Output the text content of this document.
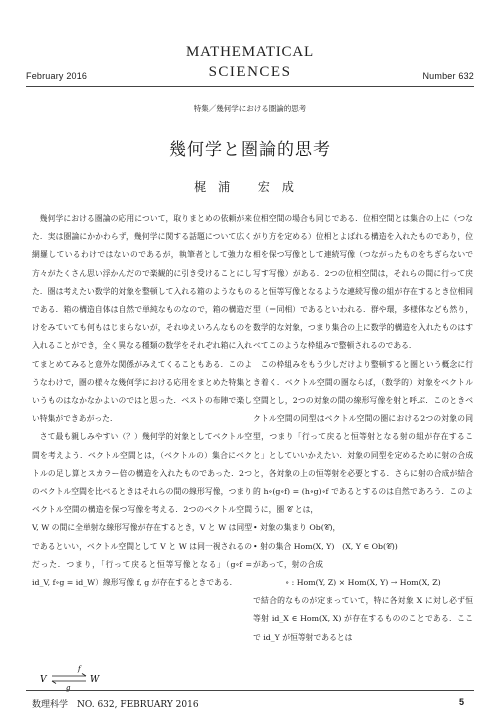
February 2016
MATHEMATICAL
SCIENCES	Number 632
特集／幾何学における圏論的思考
幾何学と圏論的思考
梶浦 宏成

幾何学における圏論の応用について，取りまとめの依頼が来た．実は圏論にかかわらず，幾何学に関する話題について広く網羅しているわけではないのであるが，執筆者として強力な方々がたくさん思い浮かんだので楽観的に引き受けることにした．圏は考えたい数学的対象を整頓して入れる箱のようなものである．箱の構造自体は自然で単純なものなので，箱の構造だけをみていても何もはじまらないが，それゆえいろんなものを入れることができ，全く異なる種類の数学をそれぞれ箱に入れてまとめてみると意外な関係がみえてくることもある．このようなわけで，圏の様々な幾何学における応用をまとめた特集というものはなかなかよいのではと思った．ベストの布陣で楽しい特集ができあがった．

さて最も親しみやすい（？）幾何学的対象としてベクトル空間を考えよう．ベクトル空間とは，（ベクトルの）集合にベクトルの足し算とスカラー倍の構造を入れたものであった．2つのベクトル空間を比べるときはそれらの間の線形写像，つまりベクトル空間の構造を保つ写像を考える．2つのベクトル空間 V, W の間に全単射な線形写像が存在するとき，V と W は同型であるといい，ベクトル空間として V と W は同一視されるのだった．つまり，「行って戻ると恒等写像となる」（g∘f = id_V, f∘g = id_W）線形写像 f, g が存在するときである．

V
f
g
W

位相空間の場合も同じである．位相空間とは集合の上に（つながり方を定める）位相とよばれる構造を入れたものであり，位相を保つ写像として連続写像（つながったものをちぎらないで写す写像）がある．2つの位相空間は，それらの間に行って戻ると恒等写像となるような連続写像の組が存在するとき位相同型（＝同相）であるといわれる．群や環，多様体なども然り，数学的な対象，つまり集合の上に数学的構造を入れたものはすべてこのような枠組みで整頓されるのである．

この枠組みをもう少しだけより整頓すると圏という概念に行き着く．ベクトル空間の圏ならば，（数学的）対象をベクトル空間とし，2つの対象の間の線形写像を射と呼ぶ．このときベクトル空間の同型はベクトル空間の圏における2つの対象の同型，つまり「行って戻ると恒等射となる射の組が存在すること」としていいかえたい．対象の同型を定めるために射の合成と，各対象の上の恒等射を必要とする．さらに射の合成が結合的 h∘(g∘f) = (h∘g)∘f であるとするのは自然であろう．このように，圏 𝒞 とは，

• 対象の集まり Ob(𝒞)，

• 射の集合 Hom(X, Y)　(X, Y ∈ Ob(𝒞))

があって，射の合成

∘ : Hom(Y, Z) × Hom(X, Y) → Hom(X, Z)

で結合的なものが定まっていて，特に各対象 X に対し必ず恒等射 id_X ∈ Hom(X, X) が存在するもののことである．ここで id_Y が恒等射であるとは

数理科学　NO. 632, FEBRUARY 2016	5
